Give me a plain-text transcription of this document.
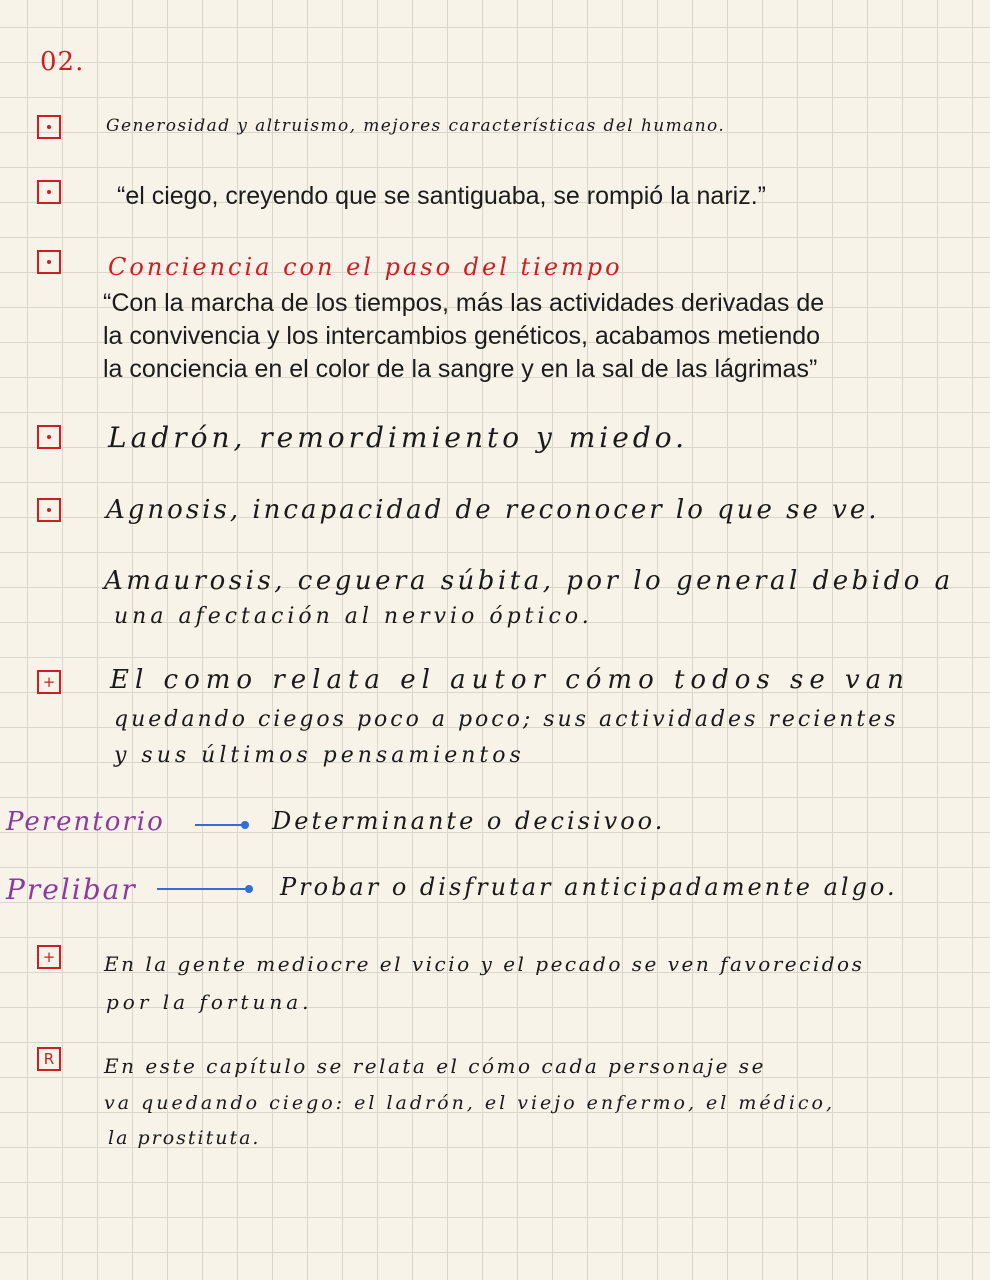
02.
Generosidad y altruismo, mejores características del humano.
“el ciego, creyendo que se santiguaba, se rompió la nariz.”
Conciencia con el paso del tiempo
“Con la marcha de los tiempos, más las actividades derivadas de
la convivencia y los intercambios genéticos, acabamos metiendo
la conciencia en el color de la sangre y en la sal de las lágrimas”
Ladrón, remordimiento y miedo.
Agnosis, incapacidad de reconocer lo que se ve.
Amaurosis, ceguera súbita, por lo general debido a
una afectación al nervio óptico.
+ El como relata el autor cómo todos se van
quedando ciegos poco a poco; sus actividades recientes
y sus últimos pensamientos
Perentorio	Determinante o decisivoo.
Prelibar	Probar o disfrutar anticipadamente algo.
+ En la gente mediocre el vicio y el pecado se ven favorecidos
por la fortuna.
R En este capítulo se relata el cómo cada personaje se
va quedando ciego: el ladrón, el viejo enfermo, el médico,
la prostituta.
